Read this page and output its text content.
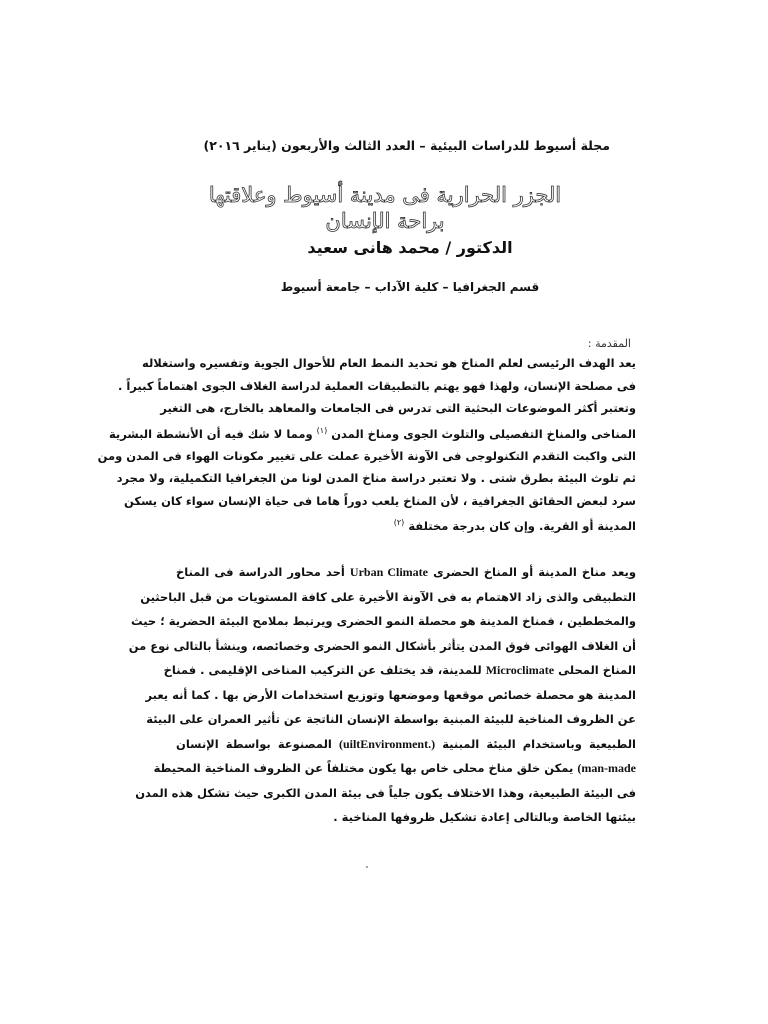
مجلة أسيوط للدراسات البيئية – العدد الثالث والأربعون (يناير ٢٠١٦)
الجزر الحرارية فى مدينة أسيوط وعلاقتها
براحة الإنسان
الدكتور / محمد هانى سعيد
قسم الجغرافيا – كلية الآداب – جامعة أسيوط
المقدمة :
يعد الهدف الرئيسى لعلم المناخ هو تحديد النمط العام للأحوال الجوية وتفسيره واستغلاله
فى مصلحة الإنسان، ولهذا فهو يهتم بالتطبيقات العملية لدراسة الغلاف الجوى اهتماماً كبيراً .
وتعتبر أكثر الموضوعات البحثية التى تدرس فى الجامعات والمعاهد بالخارج، هى التغير
المناخى والمناخ التفصيلى والتلوث الجوى ومناخ المدن $^{(١)}$ ومما لا شك فيه أن الأنشطة البشرية
التى واكبت التقدم التكنولوجى فى الآونة الأخيرة عملت على تغيير مكونات الهواء فى المدن ومن
ثم تلوث البيئة بطرق شتى . ولا تعتبر دراسة مناخ المدن لونا من الجغرافيا التكميلية، ولا مجرد
سرد لبعض الحقائق الجغرافية ، لأن المناخ يلعب دوراً هاما فى حياة الإنسان سواء كان يسكن
المدينة أو القرية. وإن كان بدرجة مختلفة $^{(٢)}$
ويعد مناخ المدينة أو المناخ الحضرى Urban Climate أحد محاور الدراسة فى المناخ
التطبيقى والذى زاد الاهتمام به فى الآونة الأخيرة على كافة المستويات من قبل الباحثين
والمخططين ، فمناخ المدينة هو محصلة النمو الحضرى ويرتبط بملامح البيئة الحضرية ؛ حيث
أن الغلاف الهوائى فوق المدن يتأثر بأشكال النمو الحضرى وخصائصه، وينشأ بالتالى نوع من
المناخ المحلى Microclimate للمدينة، قد يختلف عن التركيب المناخى الإقليمى . فمناخ
المدينة هو محصلة خصائص موقعها وموضعها وتوزيع استخدامات الأرض بها . كما أنه يعبر
عن الظروف المناخية للبيئة المبنية بواسطة الإنسان الناتجة عن تأثير العمران على البيئة
الطبيعية وباستخدام البيئة المبنية (uiltEnvironment.) المصنوعة بواسطة الإنسان
(man-made يمكن خلق مناخ محلى خاص بها يكون مختلفاً عن الظروف المناخية المحيطة
فى البيئة الطبيعية، وهذا الاختلاف يكون جلياً فى بيئة المدن الكبرى حيث تشكل هذه المدن
بيئتها الخاصة وبالتالى إعادة تشكيل ظروفها المناخية .
